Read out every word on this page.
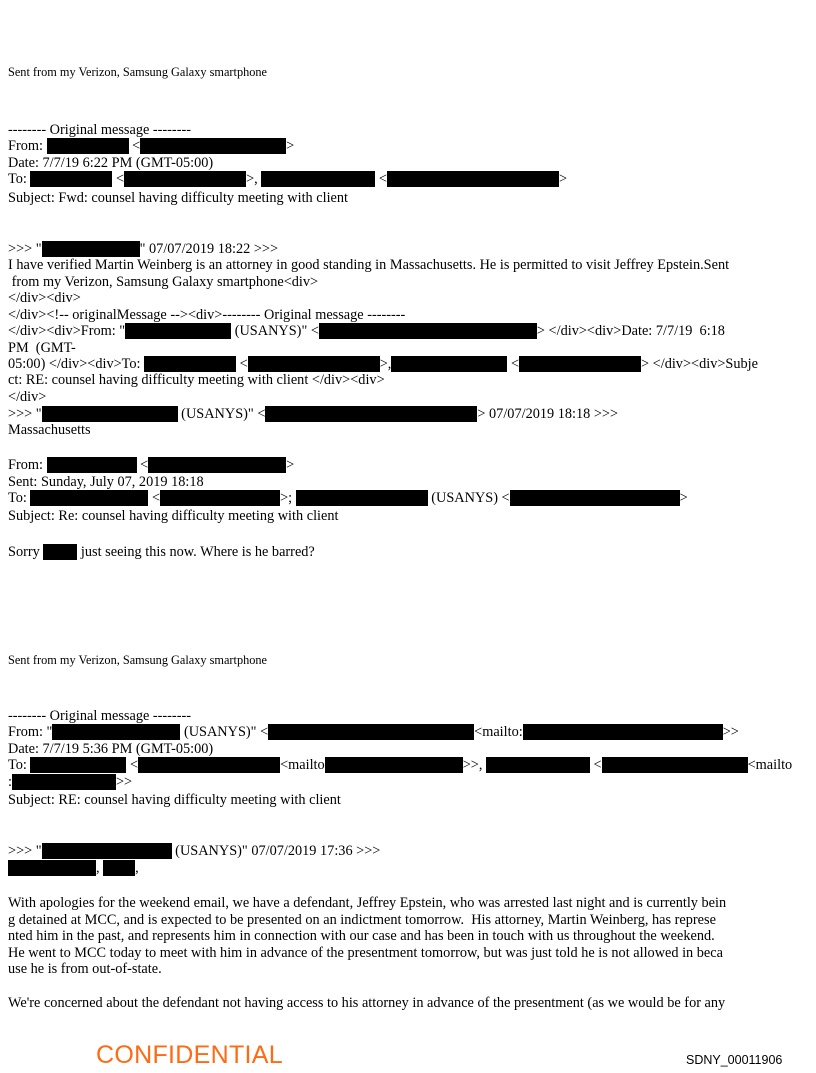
Sent from my Verizon, Samsung Galaxy smartphone
-------- Original message --------
From:	<	>
Date: 7/7/19 6:22 PM (GMT-05:00)
To:	<	>,	<	>
Subject: Fwd: counsel having difficulty meeting with client
>>> "	" 07/07/2019 18:22 >>>
I have verified Martin Weinberg is an attorney in good standing in Massachusetts. He is permitted to visit Jeffrey Epstein.Sent
from my Verizon, Samsung Galaxy smartphone<div>
</div><div>
</div><!-- originalMessage --><div>-------- Original message --------
</div><div>From: "	(USANYS)" <	> </div><div>Date: 7/7/19  6:18
PM  (GMT-
05:00) </div><div>To:	<	>,	<	> </div><div>Subje
ct: RE: counsel having difficulty meeting with client </div><div>
</div>
>>> "	(USANYS)" <	> 07/07/2019 18:18 >>>
Massachusetts
From:	<	>
Sent: Sunday, July 07, 2019 18:18
To:	<	>;	(USANYS) <	>
Subject: Re: counsel having difficulty meeting with client
Sorry  just seeing this now. Where is he barred?
Sent from my Verizon, Samsung Galaxy smartphone
-------- Original message --------
From: "	(USANYS)" <	<mailto:	>>
Date: 7/7/19 5:36 PM (GMT-05:00)
To:	<	<mailto	>>,	<	<mailto
:	>>
Subject: RE: counsel having difficulty meeting with client
>>> "	(USANYS)" 07/07/2019 17:36 >>>
, ,
With apologies for the weekend email, we have a defendant, Jeffrey Epstein, who was arrested last night and is currently bein
g detained at MCC, and is expected to be presented on an indictment tomorrow.  His attorney, Martin Weinberg, has represe
nted him in the past, and represents him in connection with our case and has been in touch with us throughout the weekend.
He went to MCC today to meet with him in advance of the presentment tomorrow, but was just told he is not allowed in beca
use he is from out-of-state.
We're concerned about the defendant not having access to his attorney in advance of the presentment (as we would be for any
CONFIDENTIAL	SDNY_00011906
